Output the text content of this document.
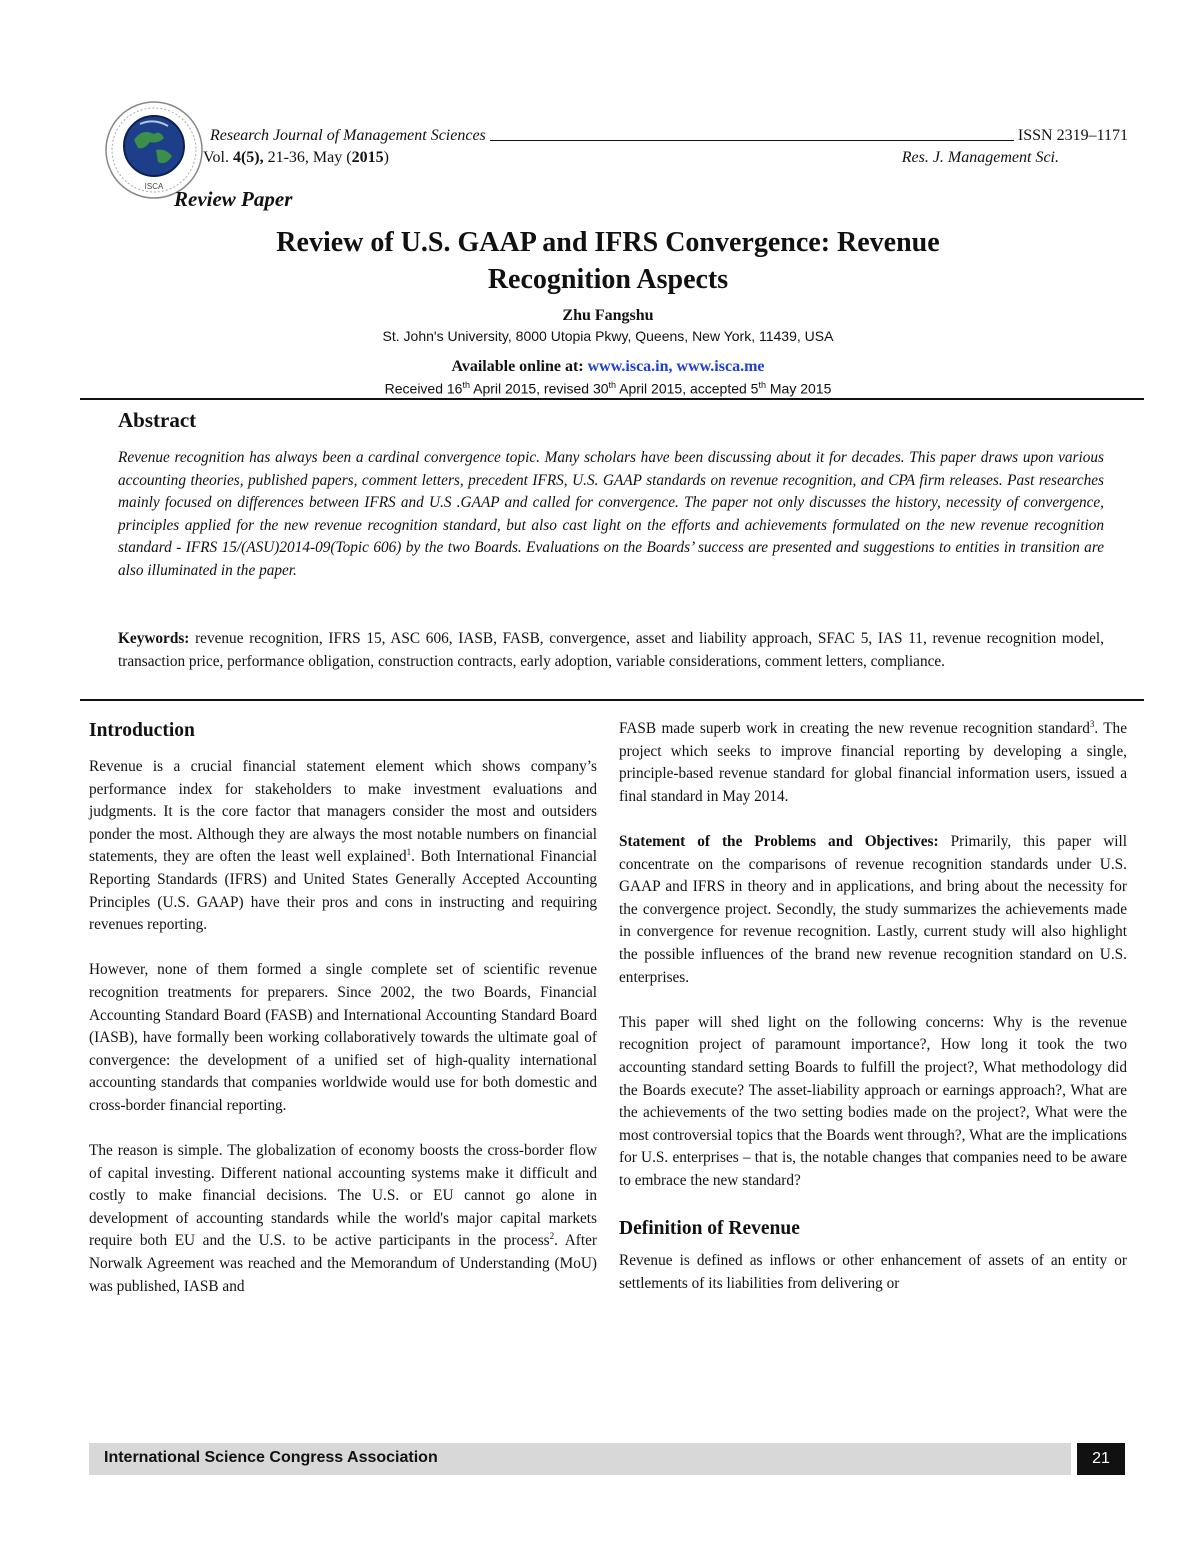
ISCA
Research Journal of Management Sciences	ISSN 2319–1171
Vol. 4(5), 21-36, May (2015)	Res. J. Management Sci.
Review Paper
Review of U.S. GAAP and IFRS Convergence: Revenue
Recognition Aspects
Zhu Fangshu
St. John's University, 8000 Utopia Pkwy, Queens, New York, 11439, USA
Available online at: www.isca.in, www.isca.me
Received 16th April 2015, revised 30th April 2015, accepted 5th May 2015
Abstract
Revenue recognition has always been a cardinal convergence topic. Many scholars have been discussing about it for decades. This paper draws upon various accounting theories, published papers, comment letters, precedent IFRS, U.S. GAAP standards on revenue recognition, and CPA firm releases. Past researches mainly focused on differences between IFRS and U.S .GAAP and called for convergence. The paper not only discusses the history, necessity of convergence, principles applied for the new revenue recognition standard, but also cast light on the efforts and achievements formulated on the new revenue recognition standard - IFRS 15/(ASU)2014-09(Topic 606) by the two Boards. Evaluations on the Boards’ success are presented and suggestions to entities in transition are also illuminated in the paper.
Keywords: revenue recognition, IFRS 15, ASC 606, IASB, FASB, convergence, asset and liability approach, SFAC 5, IAS 11, revenue recognition model, transaction price, performance obligation, construction contracts, early adoption, variable considerations, comment letters, compliance.
Introduction

Revenue is a crucial financial statement element which shows company’s performance index for stakeholders to make investment evaluations and judgments. It is the core factor that managers consider the most and outsiders ponder the most. Although they are always the most notable numbers on financial statements, they are often the least well explained$^1$. Both International Financial Reporting Standards (IFRS) and United States Generally Accepted Accounting Principles (U.S. GAAP) have their pros and cons in instructing and requiring revenues reporting.

However, none of them formed a single complete set of scientific revenue recognition treatments for preparers. Since 2002, the two Boards, Financial Accounting Standard Board (FASB) and International Accounting Standard Board (IASB), have formally been working collaboratively towards the ultimate goal of convergence: the development of a unified set of high-quality international accounting standards that companies worldwide would use for both domestic and cross-border financial reporting.

The reason is simple. The globalization of economy boosts the cross-border flow of capital investing. Different national accounting systems make it difficult and costly to make financial decisions. The U.S. or EU cannot go alone in development of accounting standards while the world's major capital markets require both EU and the U.S. to be active participants in the process$^2$. After Norwalk Agreement was reached and the Memorandum of Understanding (MoU) was published, IASB and

FASB made superb work in creating the new revenue recognition standard$^3$. The project which seeks to improve financial reporting by developing a single, principle-based revenue standard for global financial information users, issued a final standard in May 2014.

Statement of the Problems and Objectives: Primarily, this paper will concentrate on the comparisons of revenue recognition standards under U.S. GAAP and IFRS in theory and in applications, and bring about the necessity for the convergence project. Secondly, the study summarizes the achievements made in convergence for revenue recognition. Lastly, current study will also highlight the possible influences of the brand new revenue recognition standard on U.S. enterprises.

This paper will shed light on the following concerns: Why is the revenue recognition project of paramount importance?, How long it took the two accounting standard setting Boards to fulfill the project?, What methodology did the Boards execute? The asset-liability approach or earnings approach?, What are the achievements of the two setting bodies made on the project?, What were the most controversial topics that the Boards went through?, What are the implications for U.S. enterprises – that is, the notable changes that companies need to be aware to embrace the new standard?

Definition of Revenue

Revenue is defined as inflows or other enhancement of assets of an entity or settlements of its liabilities from delivering or

International Science Congress Association	21
